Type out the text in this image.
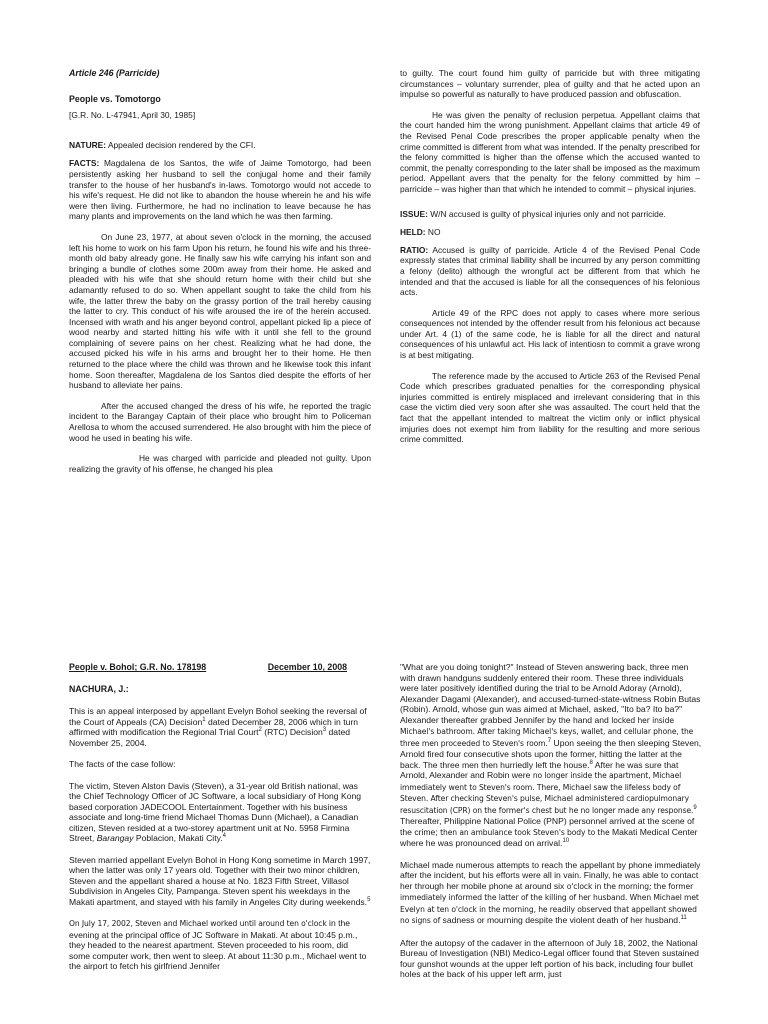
Article 246 (Parricide)

People vs. Tomotorgo

[G.R. No. L-47941, April 30, 1985]

NATURE: Appealed decision rendered by the CFI.

FACTS: Magdalena de los Santos, the wife of Jaime Tomotorgo, had been persistently asking her husband to sell the conjugal home and their family transfer to the house of her husband's in-laws. Tomotorgo would not accede to his wife's request. He did not like to abandon the house wherein he and his wife were then living. Furthermore, he had no inclination to leave because he has many plants and improvements on the land which he was then farming.

On June 23, 1977, at about seven o'clock in the morning, the accused left his home to work on his farm Upon his return, he found his wife and his three-month old baby already gone. He finally saw his wife carrying his infant son and bringing a bundle of clothes some 200m away from their home. He asked and pleaded with his wife that she should return home with their child but she adamantly refused to do so. When appellant sought to take the child from his wife, the latter threw the baby on the grassy portion of the trail hereby causing the latter to cry. This conduct of his wife aroused the ire of the herein accused. Incensed with wrath and his anger beyond control, appellant picked lip a piece of wood nearby and started hitting his wife with it until she fell to the ground complaining of severe pains on her chest. Realizing what he had done, the accused picked his wife in his arms and brought her to their home. He then returned to the place where the child was thrown and he likewise took this infant home. Soon thereafter, Magdalena de los Santos died despite the efforts of her husband to alleviate her pains.

After the accused changed the dress of his wife, he reported the tragic incident to the Barangay Captain of their place who brought him to Policeman Arellosa to whom the accused surrendered. He also brought with him the piece of wood he used in beating his wife.

He was charged with parricide and pleaded not guilty. Upon realizing the gravity of his offense, he changed his plea

to guilty. The court found him guilty of parricide but with three mitigating circumstances – voluntary surrender, plea of guilty and that he acted upon an impulse so powerful as naturally to have produced passion and obfuscation.

He was given the penalty of reclusion perpetua. Appellant claims that the court handed him the wrong punishment. Appellant claims that article 49 of the Revised Penal Code prescribes the proper applicable penalty when the crime committed is different from what was intended. If the penalty prescribed for the felony committed is higher than the offense which the accused wanted to commit, the penalty corresponding to the later shall be imposed as the maximum period. Appellant avers that the penalty for the felony committed by him – parricide – was higher than that which he intended to commit – physical injuries.

ISSUE: W/N accused is guilty of physical injuries only and not parricide.

HELD: NO

RATIO: Accused is guilty of parricide. Article 4 of the Revised Penal Code expressly states that criminal liability shall be incurred by any person committing a felony (delito) although the wrongful act be different from that which he intended and that the accused is liable for all the consequences of his felonious acts.

Article 49 of the RPC does not apply to cases where more serious consequences not intended by the offender result from his felonious act because under Art. 4 (1) of the same code, he is liable for all the direct and natural consequences of his unlawful act. His lack of intentiosn to commit a grave wrong is at best mitigating.

The reference made by the accused to Article 263 of the Revised Penal Code which prescribes graduated penalties for the corresponding physical injuries committed is entirely misplaced and irrelevant considering that in this case the victim died very soon after she was assaulted. The court held that the fact that the appellant intended to maltreat the victim only or inflict physical imjuries does not exempt him from liability for the resulting and more serious crime committed.

People v. Bohol; G.R. No. 178198	December 10, 2008

NACHURA, J.:

This is an appeal interposed by appellant Evelyn Bohol seeking the reversal of the Court of Appeals (CA) Decision$^1$ dated December 28, 2006 which in turn affirmed with modification the Regional Trial Court$^2$ (RTC) Decision$^3$ dated November 25, 2004.

The facts of the case follow:

The victim, Steven Alston Davis (Steven), a 31-year old British national, was the Chief Technology Officer of JC Software, a local subsidiary of Hong Kong based corporation JADECOOL Entertainment. Together with his business associate and long-time friend Michael Thomas Dunn (Michael), a Canadian citizen, Steven resided at a two-storey apartment unit at No. 5958 Firmina Street, Barangay Poblacion, Makati City.$^4$

Steven married appellant Evelyn Bohol in Hong Kong sometime in March 1997, when the latter was only 17 years old. Together with their two minor children, Steven and the appellant shared a house at No. 1823 Fifth Street, Villasol Subdivision in Angeles City, Pampanga. Steven spent his weekdays in the Makati apartment, and stayed with his family in Angeles City during weekends.$^5$

On July 17, 2002, Steven and Michael worked until around ten o'clock in the evening at the principal office of JC Software in Makati. At about 10:45 p.m., they headed to the nearest apartment. Steven proceeded to his room, did some computer work, then went to sleep. At about 11:30 p.m., Michael went to the airport to fetch his girlfriend Jennifer

"What are you doing tonight?" Instead of Steven answering back, three men with drawn handguns suddenly entered their room. These three individuals were later positively identified during the trial to be Arnold Adoray (Arnold), Alexander Dagami (Alexander), and accused-turned-state-witness Robin Butas (Robin). Arnold, whose gun was aimed at Michael, asked, "Ito ba? Ito ba?" Alexander thereafter grabbed Jennifer by the hand and locked her inside Michael's bathroom. After taking Michael's keys, wallet, and cellular phone, the three men proceeded to Steven's room.$^7$ Upon seeing the then sleeping Steven, Arnold fired four consecutive shots upon the former, hitting the latter at the back. The three men then hurriedly left the house.$^8$ After he was sure that Arnold, Alexander and Robin were no longer inside the apartment, Michael immediately went to Steven's room. There, Michael saw the lifeless body of Steven. After checking Steven's pulse, Michael administered cardiopulmonary resuscitation (CPR) on the former's chest but he no longer made any response.$^9$ Thereafter, Philippine National Police (PNP) personnel arrived at the scene of the crime; then an ambulance took Steven's body to the Makati Medical Center where he was pronounced dead on arrival.$^{10}$

Michael made numerous attempts to reach the appellant by phone immediately after the incident, but his efforts were all in vain. Finally, he was able to contact her through her mobile phone at around six o'clock in the morning; the former immediately informed the latter of the killing of her husband. When Michael met Evelyn at ten o'clock in the morning, he readily observed that appellant showed no signs of sadness or mourning despite the violent death of her husband.$^{11}$

After the autopsy of the cadaver in the afternoon of July 18, 2002, the National Bureau of Investigation (NBI) Medico-Legal officer found that Steven sustained four gunshot wounds at the upper left portion of his back, including four bullet holes at the back of his upper left arm, just
